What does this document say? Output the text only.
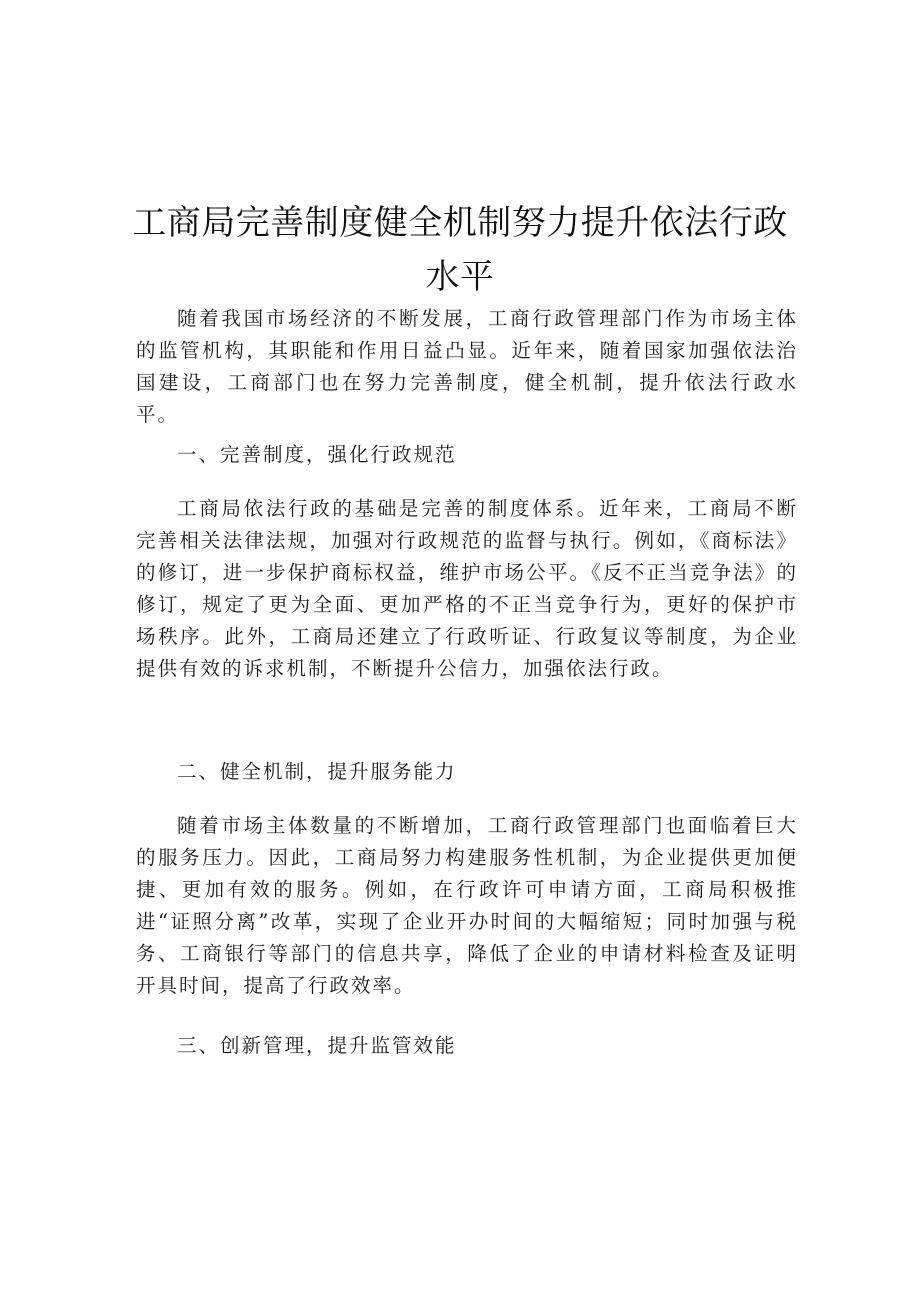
工商局完善制度健全机制努力提升依法行政水平

随着我国市场经济的不断发展，工商行政管理部门作为市场主体的监管机构，其职能和作用日益凸显。近年来，随着国家加强依法治国建设，工商部门也在努力完善制度，健全机制，提升依法行政水平。

一、完善制度，强化行政规范

工商局依法行政的基础是完善的制度体系。近年来，工商局不断完善相关法律法规，加强对行政规范的监督与执行。例如，《商标法》的修订，进一步保护商标权益，维护市场公平。《反不正当竞争法》的修订，规定了更为全面、更加严格的不正当竞争行为，更好的保护市场秩序。此外，工商局还建立了行政听证、行政复议等制度，为企业提供有效的诉求机制，不断提升公信力，加强依法行政。

二、健全机制，提升服务能力

随着市场主体数量的不断增加，工商行政管理部门也面临着巨大的服务压力。因此，工商局努力构建服务性机制，为企业提供更加便捷、更加有效的服务。例如，在行政许可申请方面，工商局积极推进“证照分离”改革，实现了企业开办时间的大幅缩短；同时加强与税务、工商银行等部门的信息共享，降低了企业的申请材料检查及证明开具时间，提高了行政效率。

三、创新管理，提升监管效能
